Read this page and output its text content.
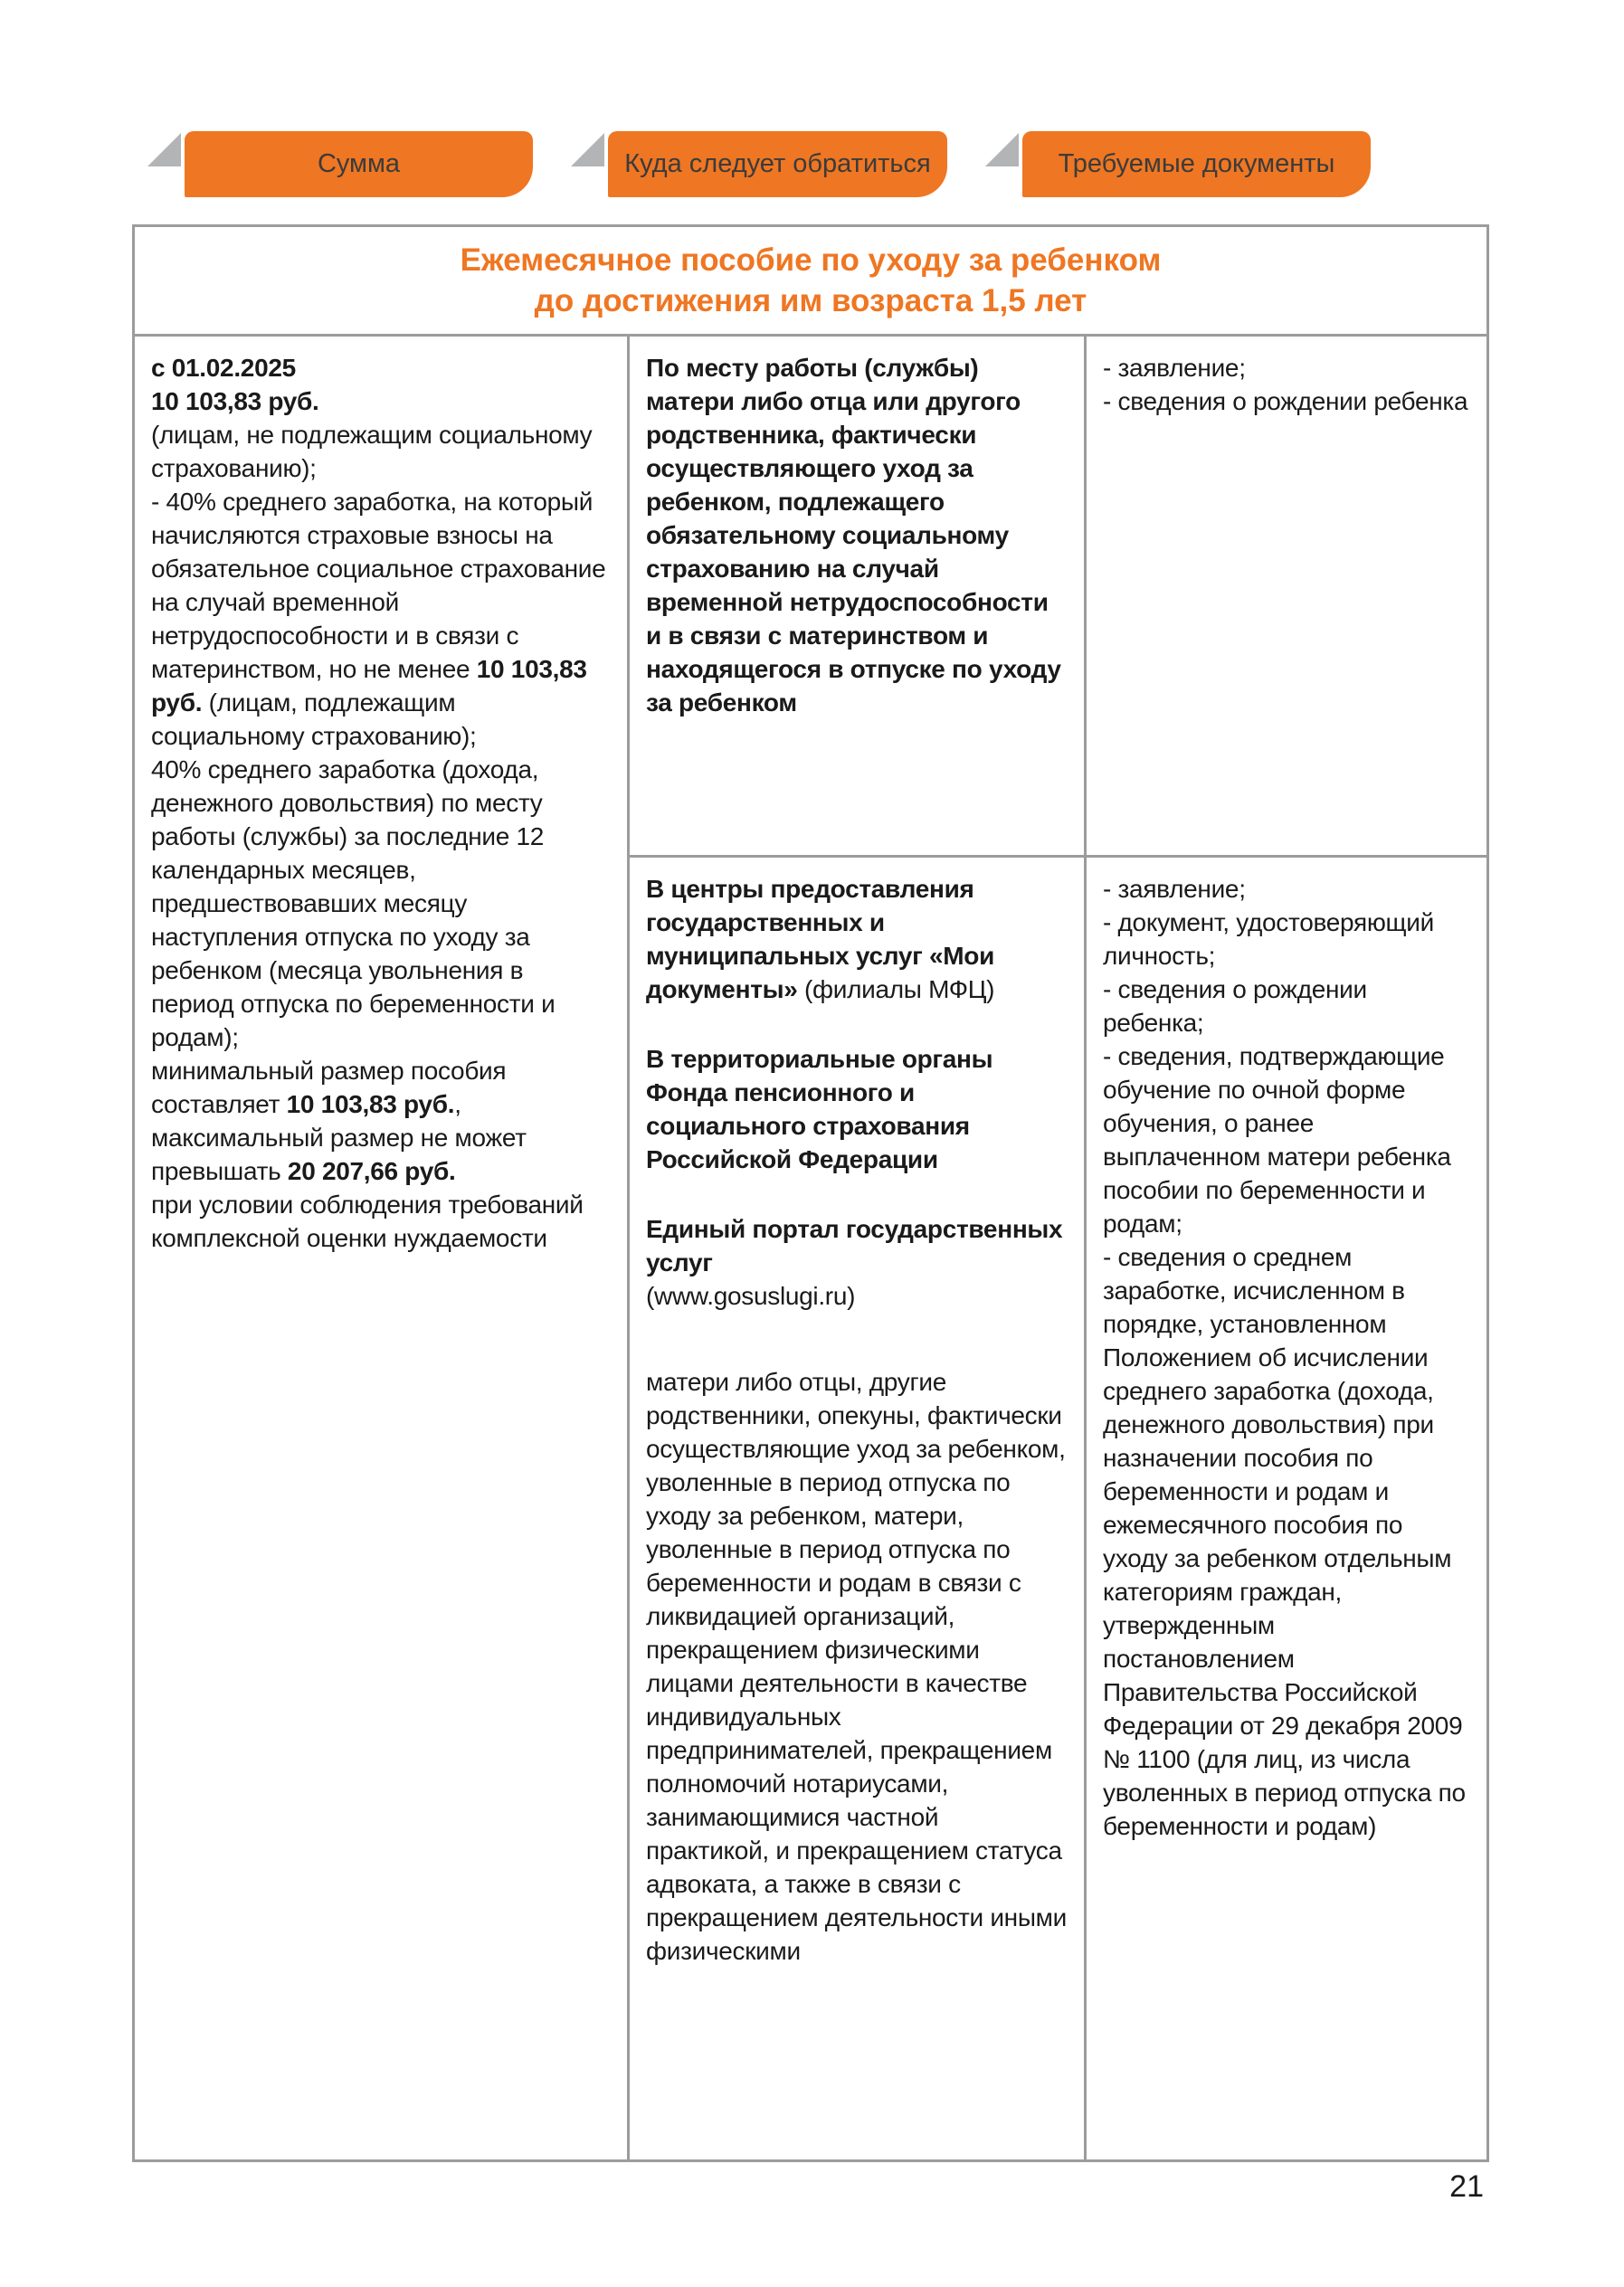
Сумма	Куда следует обратиться	Требуемые документы
Ежемесячное пособие по уходу за ребенком
до достижения им возраста 1,5 лет

с 01.02.2025

10 103,83 руб.

(лицам, не подлежащим социальному страхованию);

- 40% среднего заработка, на который начисляются страховые взносы на обязательное социальное страхование на случай временной нетрудоспособности и в связи с материнством, но не менее 10 103,83 руб. (лицам, подлежащим социальному страхованию);

40% среднего заработка (дохода, денежного довольствия) по месту работы (службы) за последние 12 календарных месяцев, предшествовавших месяцу наступления отпуска по уходу за ребенком (месяца увольнения в период отпуска по беременности и родам);

минимальный размер пособия составляет 10 103,83 руб., максимальный размер не может превышать 20 207,66 руб.

при условии соблюдения требований комплексной оценки нуждаемости

По месту работы (службы) матери либо отца или другого родственника, фактически осуществляющего уход за ребенком, подлежащего обязательному социальному страхованию на случай временной нетрудоспособности и в связи с материнством и находящегося в отпуске по уходу за ребенком

В центры предоставления государственных и муниципальных услуг «Мои документы» (филиалы МФЦ)

В территориальные органы Фонда пенсионного и социального страхования Российской Федерации

Единый портал государственных услуг

(www.gosuslugi.ru)

матери либо отцы, другие родственники, опекуны, фактически осуществляющие уход за ребенком, уволенные в период отпуска по уходу за ребенком, матери, уволенные в период отпуска по беременности и родам в связи с ликвидацией организаций, прекращением физическими лицами деятельности в качестве индивидуальных предпринимателей, прекращением полномочий нотариусами, занимающимися частной практикой, и прекращением статуса адвоката, а также в связи с прекращением деятельности иными физическими

- заявление;

- сведения о рождении ребенка

- заявление;

- документ, удостоверяющий личность;

- сведения о рождении ребенка;

- сведения, подтверждающие обучение по очной форме обучения, о ранее выплаченном матери ребенка пособии по беременности и родам;

- сведения о среднем заработке, исчисленном в порядке, установленном Положением об исчислении среднего заработка (дохода, денежного довольствия) при назначении пособия по беременности и родам и ежемесячного пособия по уходу за ребенком отдельным категориям граждан, утвержденным постановлением Правительства Российской Федерации от 29 декабря 2009 № 1100 (для лиц, из числа уволенных в период отпуска по беременности и родам)

21
